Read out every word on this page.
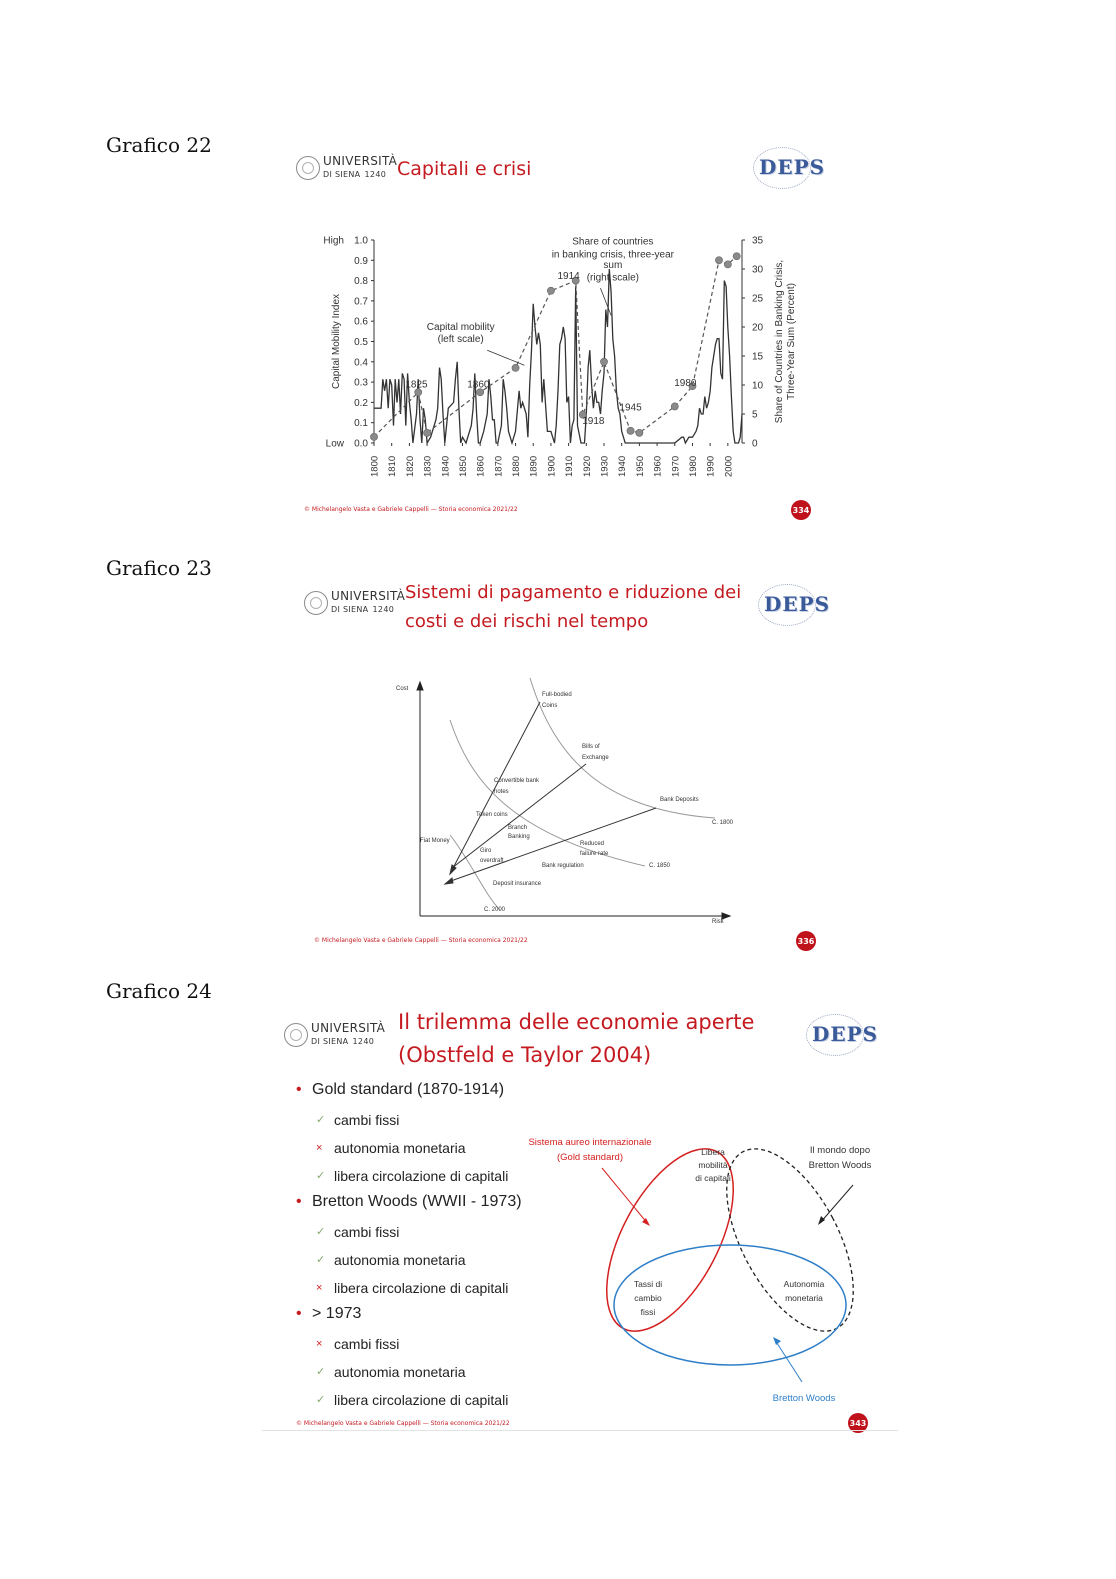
Grafico 22
UNIVERSITÀ
DI SIENA 1240 Capitali e crisi	DEPS
© Michelangelo Vasta e Gabriele Cappelli — Storia economica 2021/22	334
0.0
0.1
0.2
0.3
0.4
0.5
0.6
0.7
0.8
0.9
1.0
High
Low	0
5
10
15
20
25
30
35
1800 1810 1820 1830 1840 1850 1860 1870 1880 1890 1900 1910 1920 1930 1940 1950 1960 1970 1980 1990 2000
Capital Mobility Index	Share of Countries in Banking Crisis, Three-Year Sum (Percent)
Share of countries
in banking crisis, three-year
sum
(right scale)
Capital mobility
(left scale)
1914
1825	1860
1918
1945
1980
Grafico 23
UNIVERSITÀ
DI SIENA 1240
Sistemi di pagamento e riduzione dei
costi e dei rischi nel tempo
DEPS
© Michelangelo Vasta e Gabriele Cappelli — Storia economica 2021/22	336
Cost
Risk
Full-bodied
Coins
Bills of
Exchange
Convertible bank
notes
Bank Deposits
C. 1800
Token coins
Branch
Banking
Fiat Money
Giro
overdraft
Reduced
failure rate
Bank regulation	C. 1850
Deposit insurance
C. 2000
Grafico 24
UNIVERSITÀ
DI SIENA 1240
Il trilemma delle economie aperte
(Obstfeld e Taylor 2004)
DEPS
© Michelangelo Vasta e Gabriele Cappelli — Storia economica 2021/22	343
• Gold standard (1870-1914)
✓ cambi fissi
× autonomia monetaria
✓ libera circolazione di capitali
• Bretton Woods (WWII - 1973)
✓ cambi fissi
✓ autonomia monetaria
× libera circolazione di capitali
• > 1973
× cambi fissi
✓ autonomia monetaria
✓ libera circolazione di capitali
Sistema aureo internazionale
(Gold standard)
Il mondo dopo
Bretton Woods
Bretton Woods
Libera
mobilità
di capitali
Tassi di
cambio
fissi
Autonomia
monetaria
